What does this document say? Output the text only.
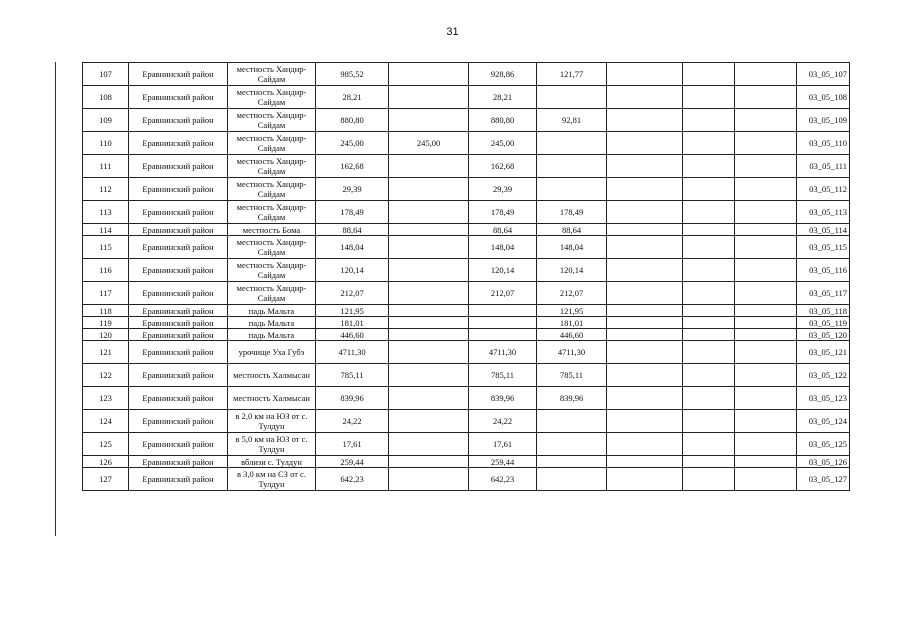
31
107	Еравнинский район	местность Хандир-Сайдам	985,52		928,86	121,77				03_05_107
108	Еравнинский район	местность Хандир-Сайдам	28,21		28,21					03_05_108
109	Еравнинский район	местность Хандир-Сайдам	880,80		880,80	92,81				03_05_109
110	Еравнинский район	местность Хандир-Сайдам	245,00	245,00	245,00					03_05_110
111	Еравнинский район	местность Хандир-Сайдам	162,68		162,68					03_05_111
112	Еравнинский район	местность Хандир-Сайдам	29,39		29,39					03_05_112
113	Еравнинский район	местность Хандир-Сайдам	178,49		178,49	178,49				03_05_113
114	Еравнинский район	местность Бома	88,64		88,64	88,64				03_05_114
115	Еравнинский район	местность Хандир-Сайдам	148,04		148,04	148,04				03_05_115
116	Еравнинский район	местность Хандир-Сайдам	120,14		120,14	120,14				03_05_116
117	Еравнинский район	местность Хандир-Сайдам	212,07		212,07	212,07				03_05_117
118	Еравнинский район	падь Мальта	121,95			121,95				03_05_118
119	Еравнинский район	падь Мальта	181,01			181,01				03_05_119
120	Еравнинский район	падь Мальта	446,60			446,60				03_05_120
121	Еравнинский район	урочище Уха Губэ	4711,30		4711,30	4711,30				03_05_121
122	Еравнинский район	местность Халмысан	785,11		785,11	785,11				03_05_122
123	Еравнинский район	местность Халмысан	839,96		839,96	839,96				03_05_123
124	Еравнинский район	в 2,0 км на ЮЗ от с. Тулдун	24,22		24,22					03_05_124
125	Еравнинский район	в 5,0 км на ЮЗ от с. Тулдун	17,61		17,61					03_05_125
126	Еравнинский район	вблизи с. Тулдун	259,44		259,44					03_05_126
127	Еравнинский район	в 3,0 км на СЗ от с. Тулдун	642,23		642,23					03_05_127
